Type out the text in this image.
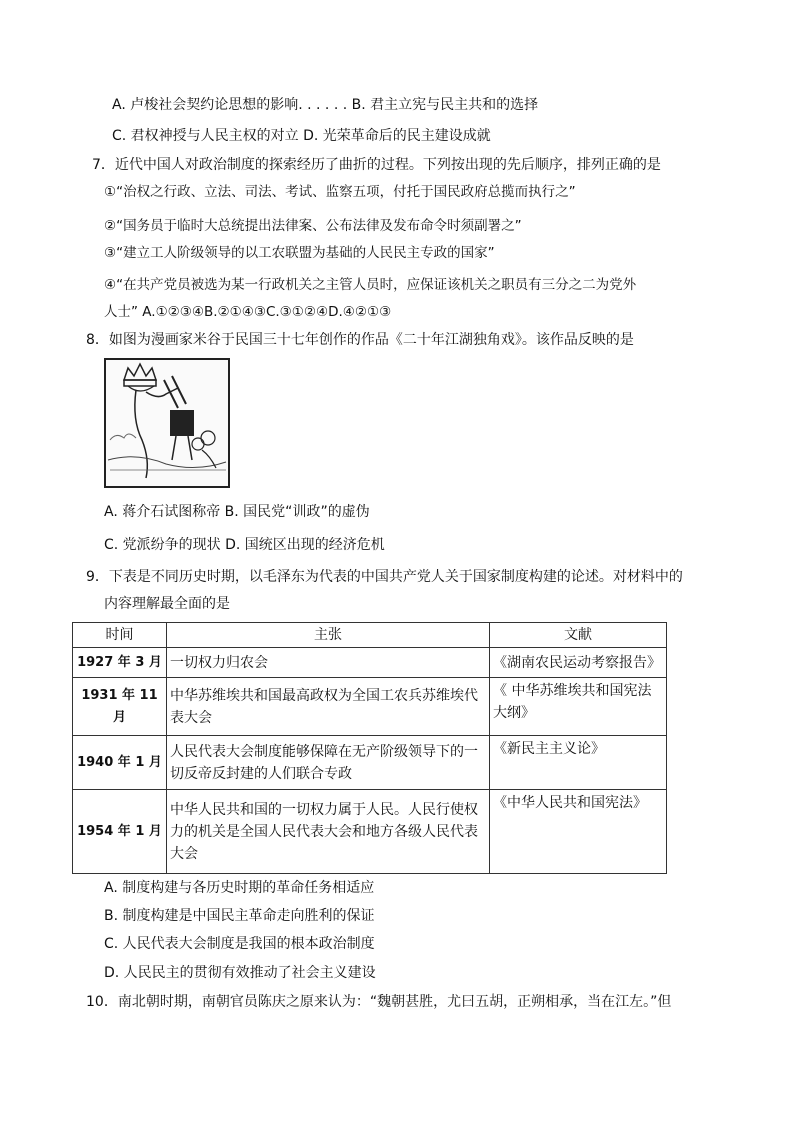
A. 卢梭社会契约论思想的影响. . . . . . B. 君主立宪与民主共和的选择
C. 君权神授与人民主权的对立 D. 光荣革命后的民主建设成就
7．近代中国人对政治制度的探索经历了曲折的过程。下列按出现的先后顺序，排列正确的是
①“治权之行政、立法、司法、考试、监察五项，付托于国民政府总揽而执行之”
②“国务员于临时大总统提出法律案、公布法律及发布命令时须副署之”
③“建立工人阶级领导的以工农联盟为基础的人民民主专政的国家”
④“在共产党员被选为某一行政机关之主管人员时，应保证该机关之职员有三分之二为党外
人士” A.①②③④B.②①④③C.③①②④D.④②①③
8．如图为漫画家米谷于民国三十七年创作的作品《二十年江湖独角戏》。该作品反映的是
A. 蒋介石试图称帝 B. 国民党“训政”的虚伪
C. 党派纷争的现状 D. 国统区出现的经济危机
9．下表是不同历史时期，以毛泽东为代表的中国共产党人关于国家制度构建的论述。对材料中的
内容理解最全面的是
时间	主张	文献
1927 年 3 月	一切权力归农会	《湖南农民运动考察报告》
1931 年 11 月	中华苏维埃共和国最高政权为全国工农兵苏维埃代表大会	《 中华苏维埃共和国宪法大纲》
1940 年 1 月	人民代表大会制度能够保障在无产阶级领导下的一切反帝反封建的人们联合专政	《新民主主义论》
1954 年 1 月	中华人民共和国的一切权力属于人民。人民行使权力的机关是全国人民代表大会和地方各级人民代表大会	《中华人民共和国宪法》
A. 制度构建与各历史时期的革命任务相适应
B. 制度构建是中国民主革命走向胜利的保证
C. 人民代表大会制度是我国的根本政治制度
D. 人民民主的贯彻有效推动了社会主义建设
10．南北朝时期，南朝官员陈庆之原来认为：“魏朝甚胜，尤曰五胡，正朔相承，当在江左。”但
